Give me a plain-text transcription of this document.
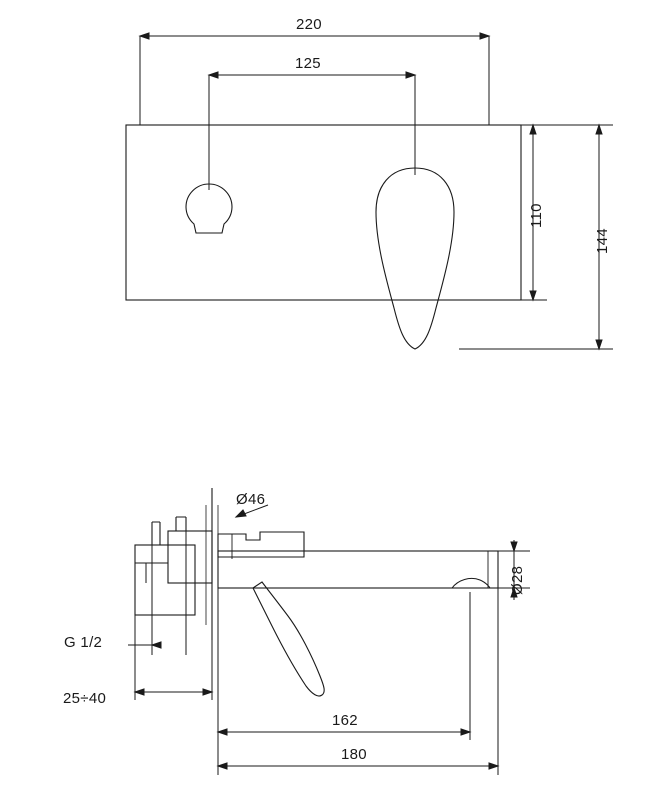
220
125
110
144
Ø46
Ø28
G 1/2
25÷40
162
180
